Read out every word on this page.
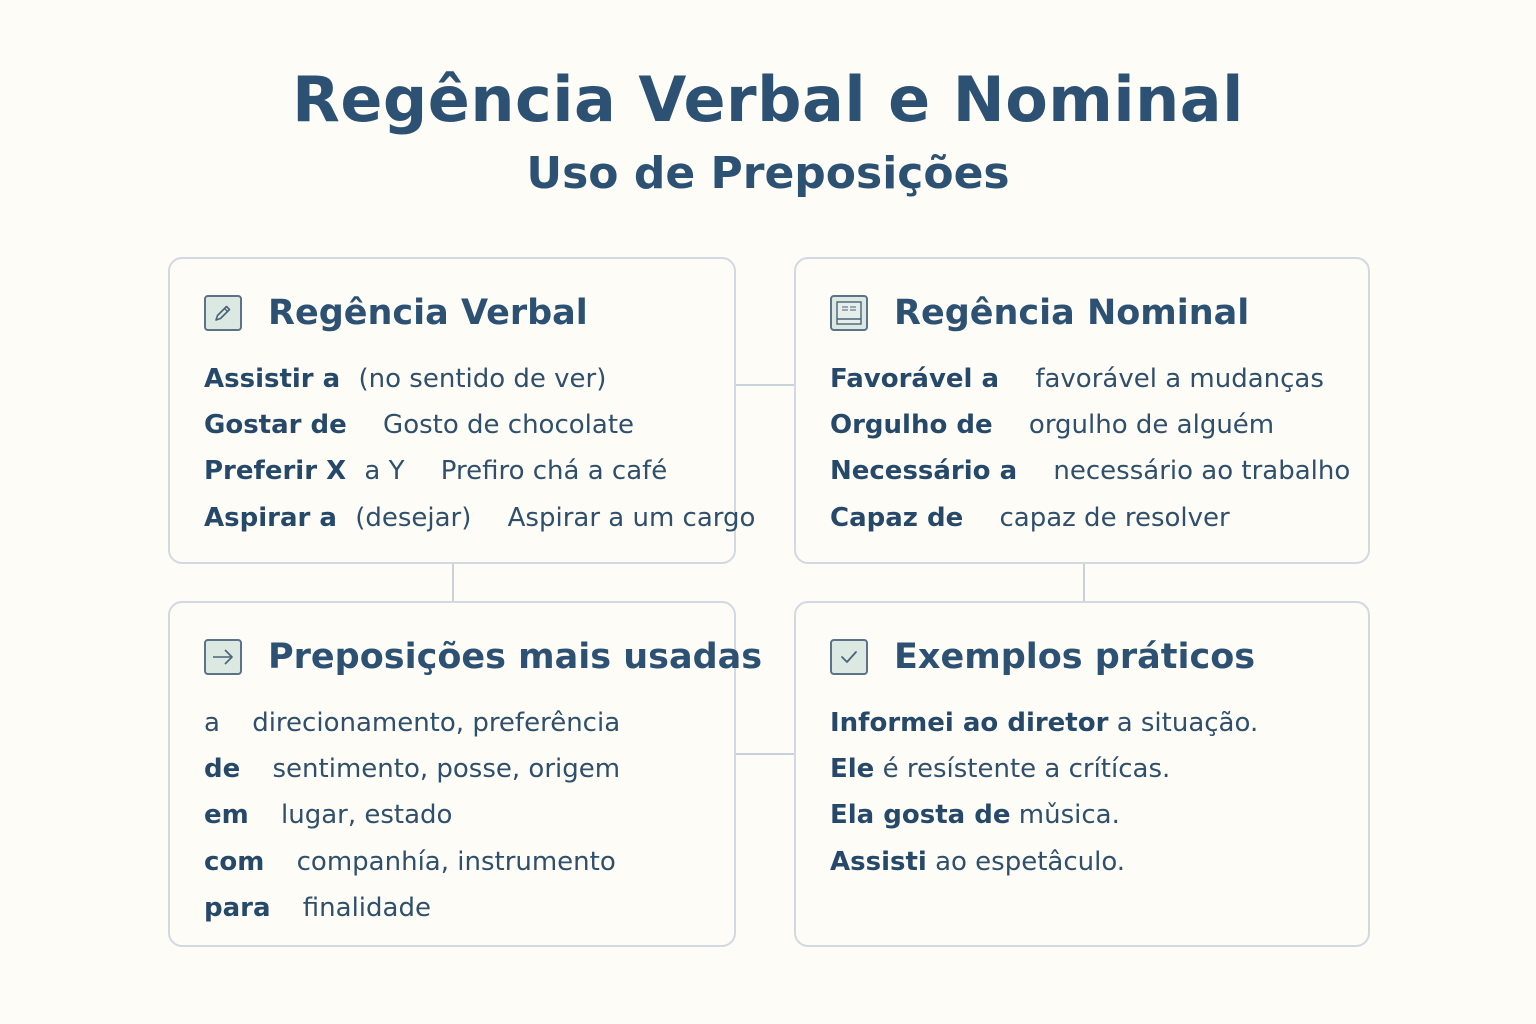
Regência Verbal e Nominal
Uso de Preposições
Regência Verbal
Assistir a (no sentido de ver)
Gostar de Gosto de chocolate
Preferir X a Y Prefiro chá a café
Aspirar a (desejar) Aspirar a um cargo
Regência Nominal
Favorável a favorável a mudanças
Orgulho de orgulho de alguém
Necessário a necessário ao trabalho
Capaz de capaz de resolver
Preposições mais usadas
a direcionamento, preferência
de sentimento, posse, origem
em lugar, estado
com companhía, instrumento
para finalidade
Exemplos práticos
Informei ao diretor a situação.
Ele é resístente a crítícas.
Ela gosta de mǔsica.
Assisti ao espetâculo.
